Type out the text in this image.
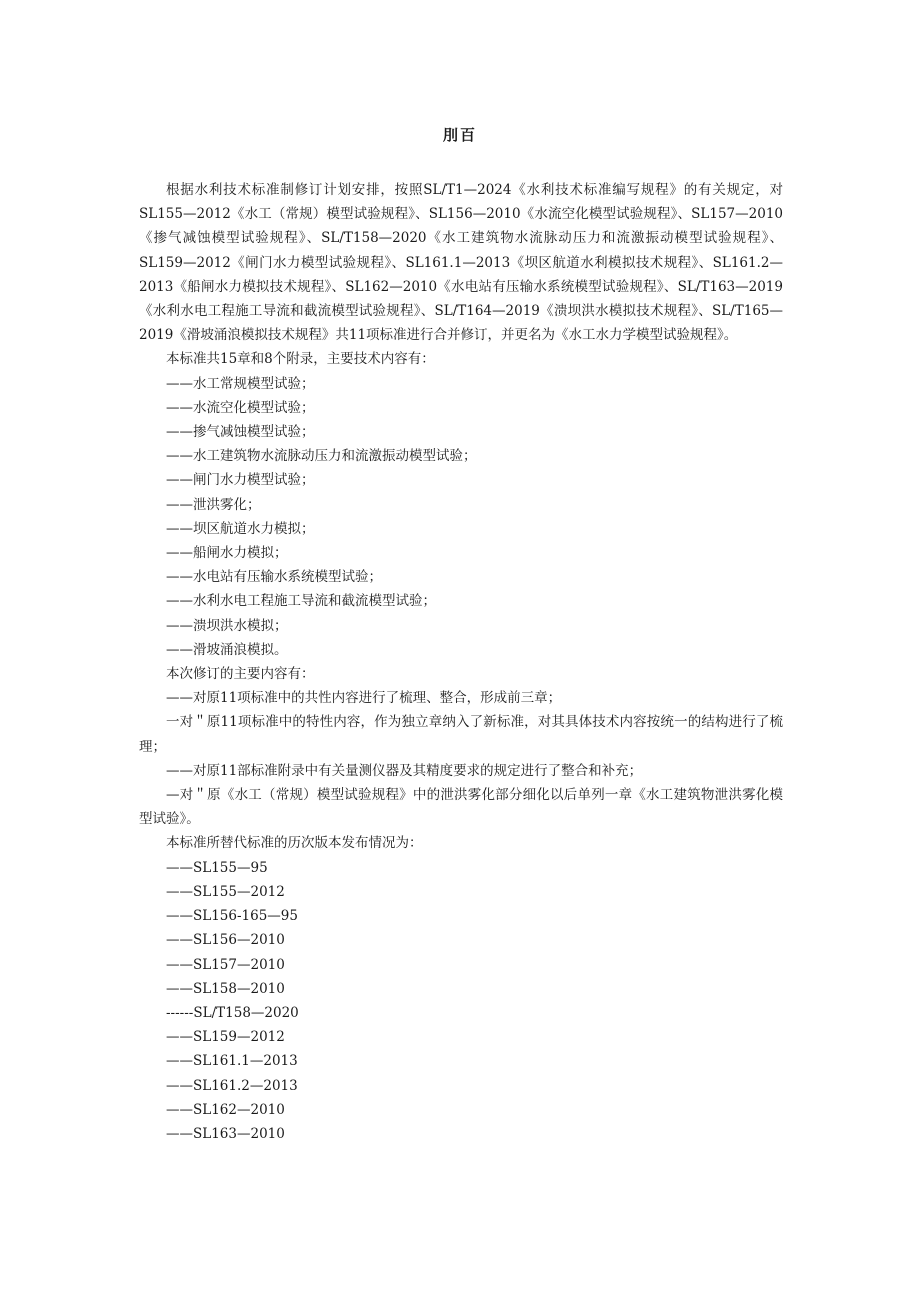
刖百

根据水利技术标准制修订计划安排，按照SL/T1—2024《水利技术标准编写规程》的有关规定，对SL155—2012《水工（常规）模型试验规程》、SL156—2010《水流空化模型试验规程》、SL157—2010《掺气减蚀模型试验规程》、SL/T158—2020《水工建筑物水流脉动压力和流激振动模型试验规程》、SL159—2012《闸门水力模型试验规程》、SL161.1—2013《坝区航道水利模拟技术规程》、SL161.2—2013《船闸水力模拟技术规程》、SL162—2010《水电站有压输水系统模型试验规程》、SL/T163—2019《水利水电工程施工导流和截流模型试验规程》、SL/T164—2019《溃坝洪水模拟技术规程》、SL/T165—2019《滑坡涌浪模拟技术规程》共11项标准进行合并修订，并更名为《水工水力学模型试验规程》。

本标准共15章和8个附录，主要技术内容有：

——水工常规模型试验；

——水流空化模型试验；

——掺气减蚀模型试验；

——水工建筑物水流脉动压力和流激振动模型试验；

——闸门水力模型试验；

——泄洪雾化；

——坝区航道水力模拟；

——船闸水力模拟；

——水电站有压输水系统模型试验；

——水利水电工程施工导流和截流模型试验；

——溃坝洪水模拟；

——滑坡涌浪模拟。

本次修订的主要内容有：

——对原11项标准中的共性内容进行了梳理、整合，形成前三章；

一对＂原11项标准中的特性内容，作为独立章纳入了新标准，对其具体技术内容按统一的结构进行了梳理；

——对原11部标准附录中有关量测仪器及其精度要求的规定进行了整合和补充；

—对＂原《水工（常规）模型试验规程》中的泄洪雾化部分细化以后单列一章《水工建筑物泄洪雾化模型试验》。

本标准所替代标准的历次版本发布情况为：

——SL155—95

——SL155—2012

——SL156-165—95

——SL156—2010

——SL157—2010

——SL158—2010

------SL/T158—2020

——SL159—2012

——SL161.1—2013

——SL161.2—2013

——SL162—2010

——SL163—2010
